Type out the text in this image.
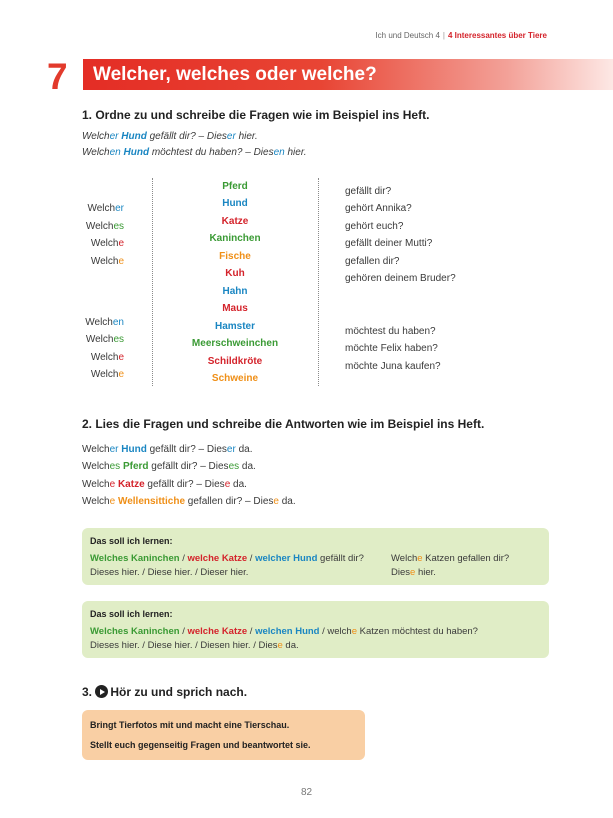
Ich und Deutsch 4 | 4 Interessantes über Tiere
7 Welcher, welches oder welche?
1. Ordne zu und schreibe die Fragen wie im Beispiel ins Heft.
Welcher Hund gefällt dir? – Dieser hier.
Welchen Hund möchtest du haben? – Diesen hier.
Welcher
Welches
Welche
Welche
Welchen
Welches
Welche
Welche
Pferd
Hund
Katze
Kaninchen
Fische
Kuh
Hahn
Maus
Hamster
Meerschweinchen
Schildkröte
Schweine
gefällt dir?
gehört Annika?
gehört euch?
gefällt deiner Mutti?
gefallen dir?
gehören deinem Bruder?
möchtest du haben?
möchte Felix haben?
möchte Juna kaufen?
2. Lies die Fragen und schreibe die Antworten wie im Beispiel ins Heft.
Welcher Hund gefällt dir? – Dieser da.
Welches Pferd gefällt dir? – Dieses da.
Welche Katze gefällt dir? – Diese da.
Welche Wellensittiche gefallen dir? – Diese da.
Das soll ich lernen:
Welches Kaninchen / welche Katze / welcher Hund gefällt dir?
Dieses hier. / Diese hier. / Dieser hier.
Welche Katzen gefallen dir?
Diese hier.
Das soll ich lernen:
Welches Kaninchen / welche Katze / welchen Hund / welche Katzen möchtest du haben?
Dieses hier. / Diese hier. / Diesen hier. / Diese da.
3. Hör zu und sprich nach.
Bringt Tierfotos mit und macht eine Tierschau.
Stellt euch gegenseitig Fragen und beantwortet sie.
82
